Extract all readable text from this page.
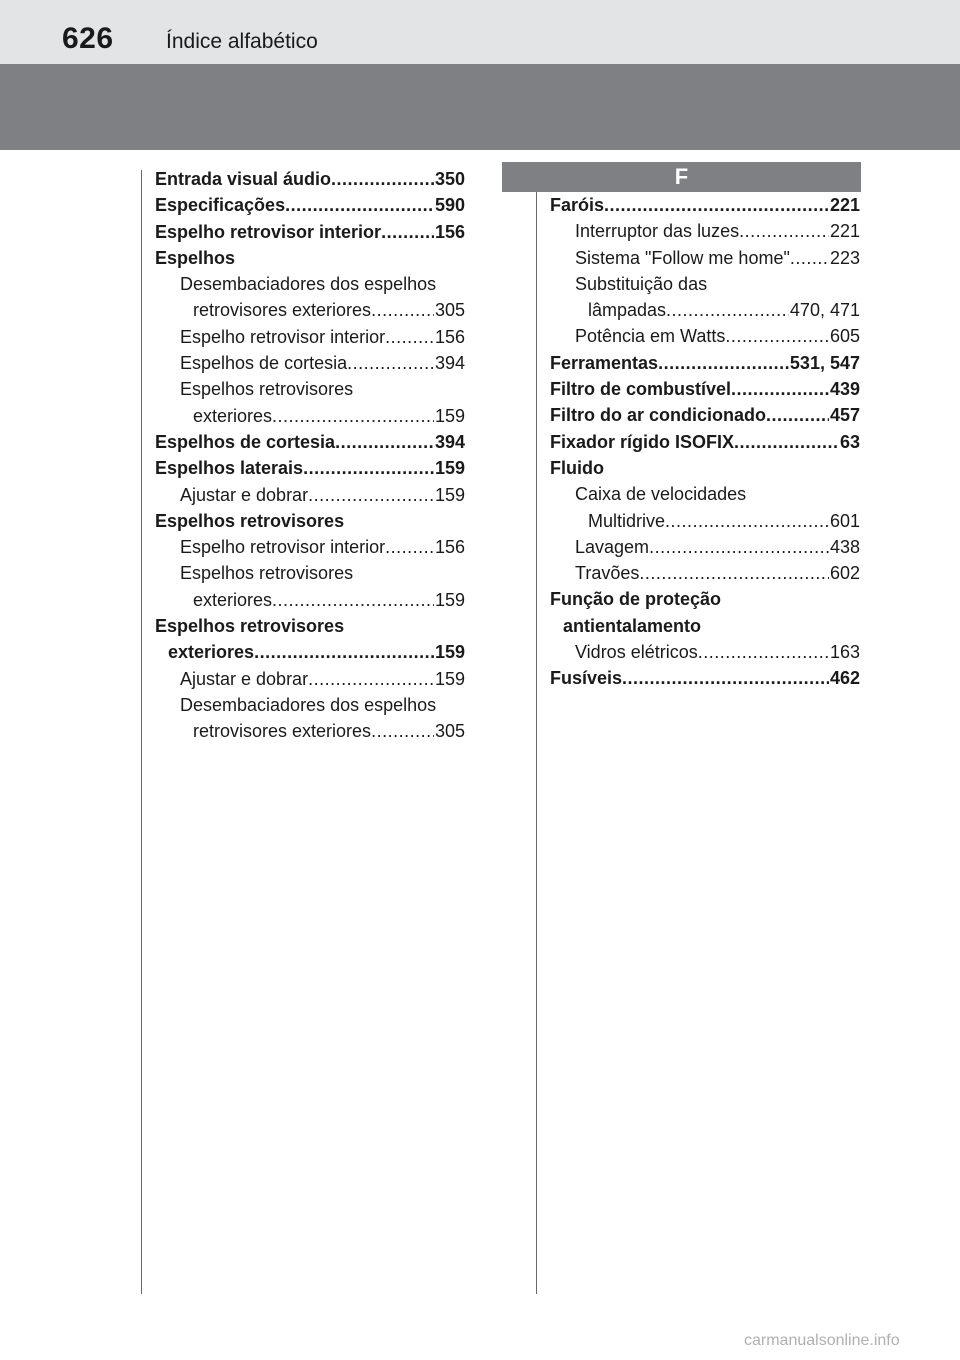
626 Índice alfabético
Entrada visual áudio .....	350
Especificações .....	590
Espelho retrovisor interior .....	156
Espelhos
Desembaciadores dos espelhos
retrovisores exteriores .....	305
Espelho retrovisor interior .....	156
Espelhos de cortesia .....	394
Espelhos retrovisores
exteriores .....	159
Espelhos de cortesia .....	394
Espelhos laterais .....	159
Ajustar e dobrar .....	159
Espelhos retrovisores
Espelho retrovisor interior .....	156
Espelhos retrovisores
exteriores .....	159
Espelhos retrovisores
exteriores .....	159
Ajustar e dobrar .....	159
Desembaciadores dos espelhos
retrovisores exteriores .....	305
F
Faróis .....	221
Interruptor das luzes .....	221
Sistema "Follow me home" ..... 223
Substituição das
lâmpadas .....	470, 471
Potência em Watts .....	605
Ferramentas .....	531, 547
Filtro de combustível .....	439
Filtro do ar condicionado .....	457
Fixador rígido ISOFIX .....	63
Fluido
Caixa de velocidades
Multidrive .....	601
Lavagem .....	438
Travões .....	602
Função de proteção
antientalamento
Vidros elétricos .....	163
Fusíveis .....	462
carmanualsonline.info
